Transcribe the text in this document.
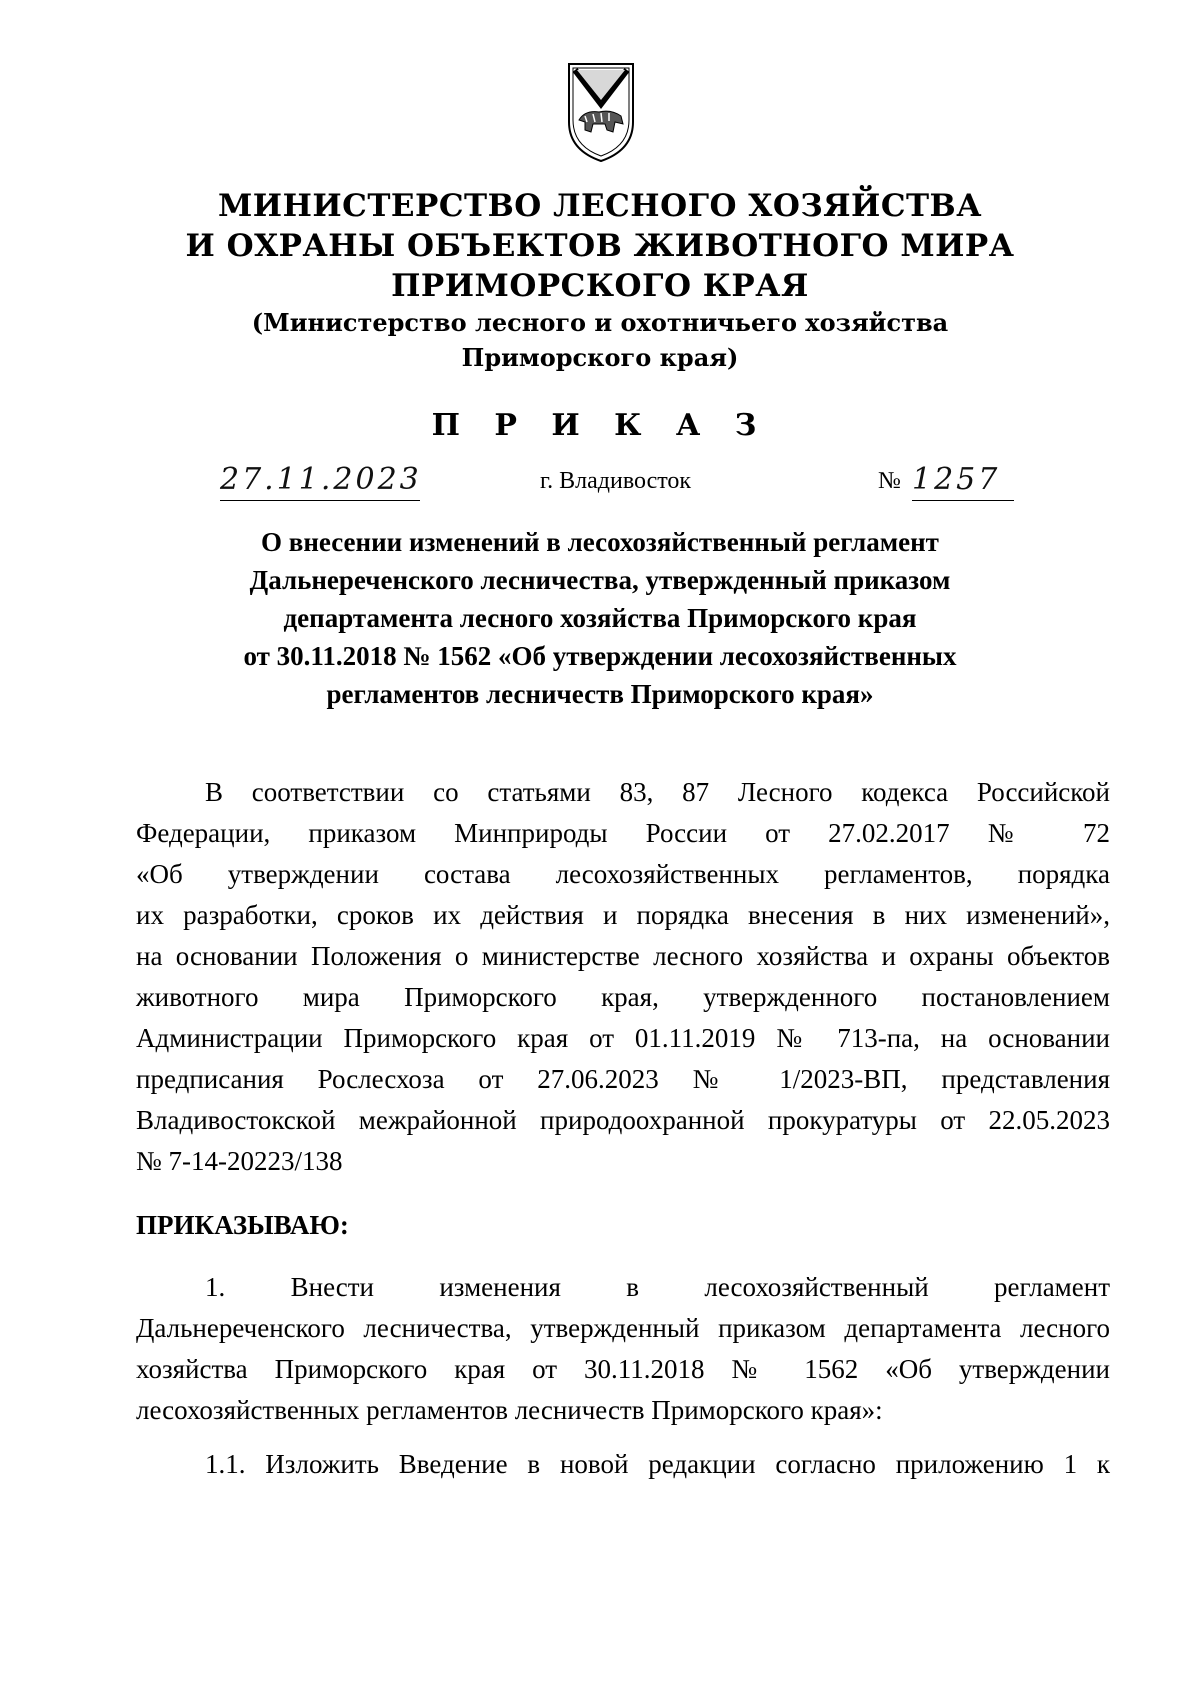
МИНИСТЕРСТВО ЛЕСНОГО ХОЗЯЙСТВА
И ОХРАНЫ ОБЪЕКТОВ ЖИВОТНОГО МИРА
ПРИМОРСКОГО КРАЯ
(Министерство лесного и охотничьего хозяйства
Приморского края)
П Р И К А З
27.11.2023	г. Владивосток	№ 1257
О внесении изменений в лесохозяйственный регламент
Дальнереченского лесничества, утвержденный приказом
департамента лесного хозяйства Приморского края
от 30.11.2018 № 1562 «Об утверждении лесохозяйственных
регламентов лесничеств Приморского края»
В соответствии со статьями 83, 87 Лесного кодекса Российской
Федерации, приказом Минприроды России от 27.02.2017 № 72
«Об утверждении состава лесохозяйственных регламентов, порядка
их разработки, сроков их действия и порядка внесения в них изменений»,
на основании Положения о министерстве лесного хозяйства и охраны объектов
животного мира Приморского края, утвержденного постановлением
Администрации Приморского края от 01.11.2019 № 713-па, на основании
предписания Рослесхоза от 27.06.2023 № 1/2023-ВП, представления
Владивостокской межрайонной природоохранной прокуратуры от 22.05.2023
№ 7-14-20223/138
ПРИКАЗЫВАЮ:
1. Внести изменения в лесохозяйственный регламент
Дальнереченского лесничества, утвержденный приказом департамента лесного
хозяйства Приморского края от 30.11.2018 № 1562 «Об утверждении
лесохозяйственных регламентов лесничеств Приморского края»:
1.1. Изложить Введение в новой редакции согласно приложению 1 к
